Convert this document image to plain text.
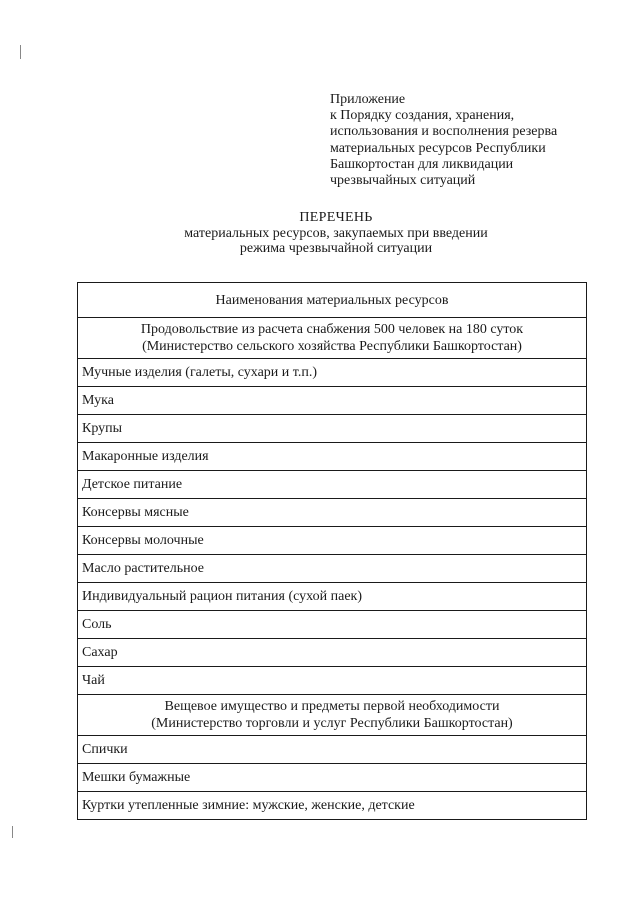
Приложение
к Порядку создания, хранения,
использования и восполнения резерва
материальных ресурсов Республики
Башкортостан для ликвидации
чрезвычайных ситуаций
ПЕРЕЧЕНЬ
материальных ресурсов, закупаемых при введении
режима чрезвычайной ситуации
Наименования материальных ресурсов

Продовольствие из расчета снабжения 500 человек на 180 суток
(Министерство сельского хозяйства Республики Башкортостан)

Мучные изделия (галеты, сухари и т.п.)
Мука
Крупы
Макаронные изделия
Детское питание
Консервы мясные
Консервы молочные
Масло растительное
Индивидуальный рацион питания (сухой паек)
Соль
Сахар
Чай

Вещевое имущество и предметы первой необходимости
(Министерство торговли и услуг Республики Башкортостан)

Спички
Мешки бумажные
Куртки утепленные зимние: мужские, женские, детские
